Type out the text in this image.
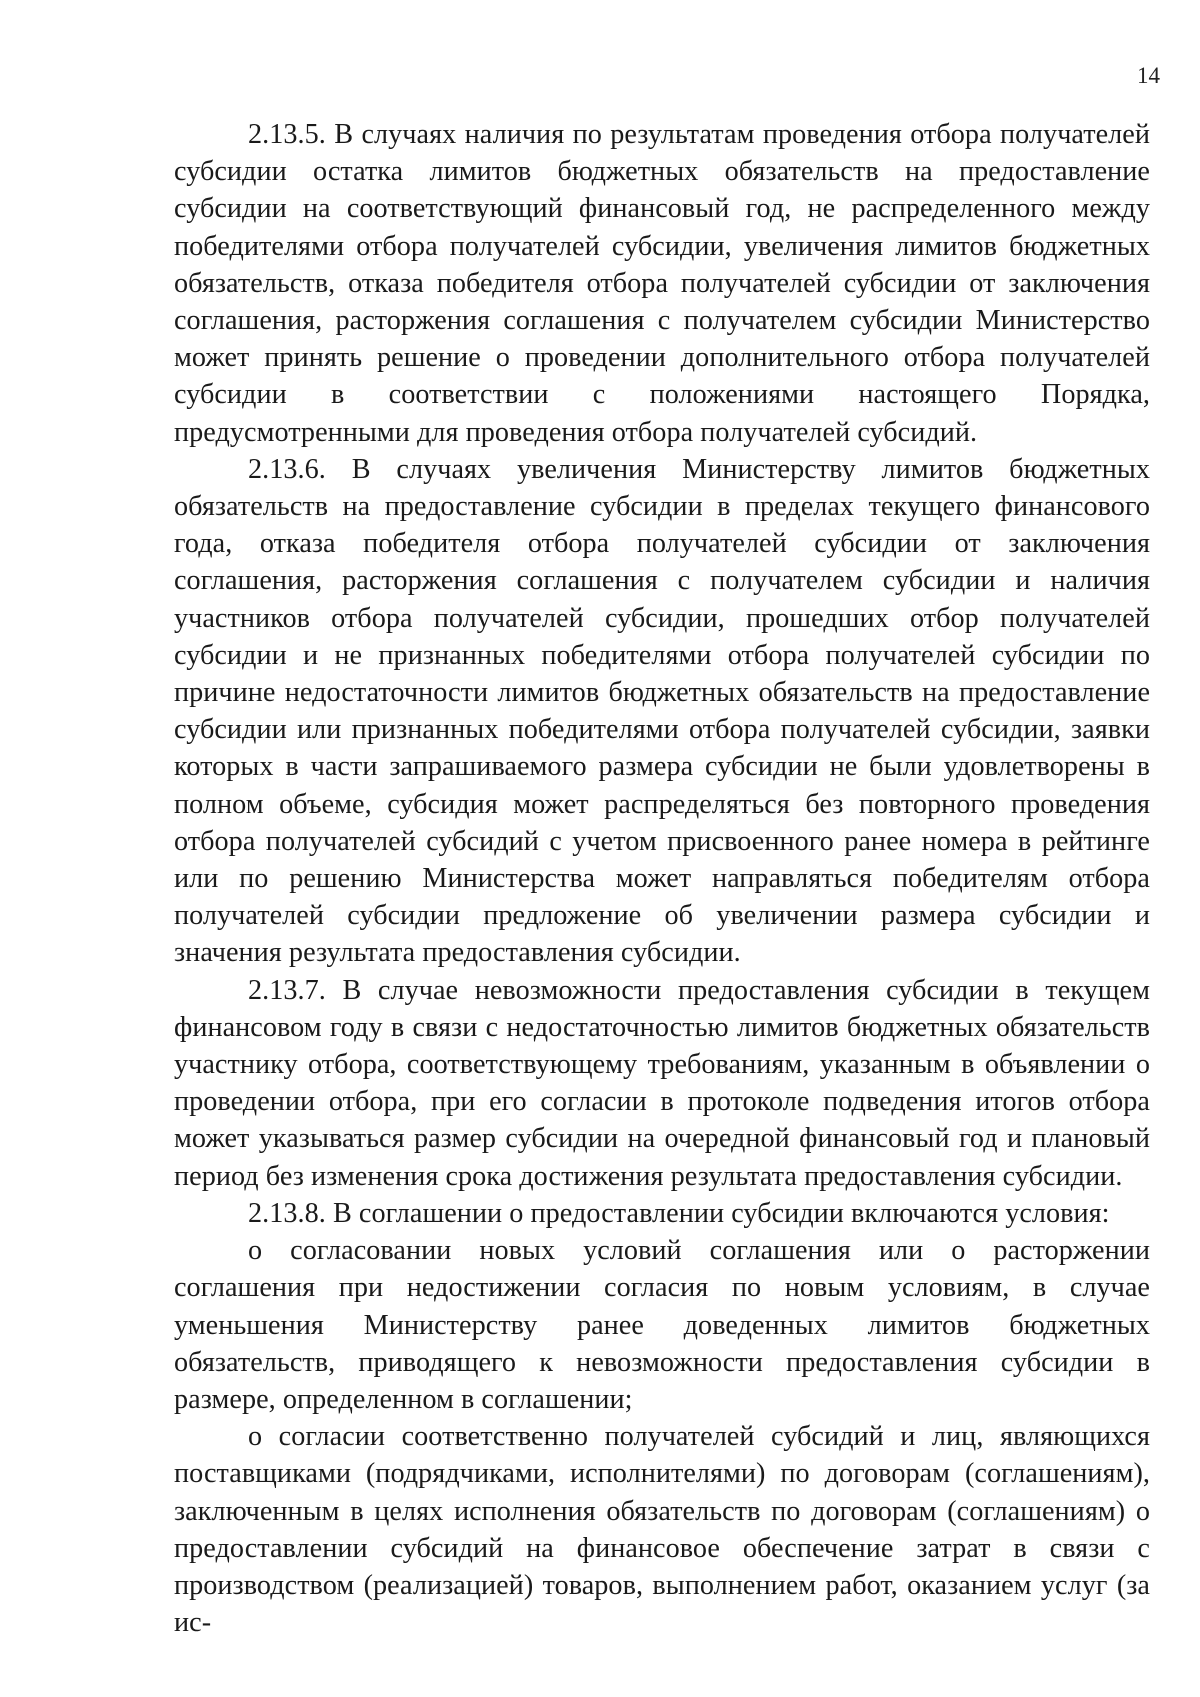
14

2.13.5. В случаях наличия по результатам проведения отбора получателей субсидии остатка лимитов бюджетных обязательств на предоставление субсидии на соответствующий финансовый год, не распределенного между победителями отбора получателей субсидии, увеличения лимитов бюджетных обязательств, отказа победителя отбора получателей субсидии от заключения соглашения, расторжения соглашения с получателем субсидии Министерство может принять решение о проведении дополнительного отбора получателей субсидии в соответствии с положениями настоящего Порядка, предусмотренными для проведения отбора получателей субсидий.

2.13.6. В случаях увеличения Министерству лимитов бюджетных обязательств на предоставление субсидии в пределах текущего финансового года, отказа победителя отбора получателей субсидии от заключения соглашения, расторжения соглашения с получателем субсидии и наличия участников отбора получателей субсидии, прошедших отбор получателей субсидии и не признанных победителями отбора получателей субсидии по причине недостаточности лимитов бюджетных обязательств на предоставление субсидии или признанных победителями отбора получателей субсидии, заявки которых в части запрашиваемого размера субсидии не были удовлетворены в полном объеме, субсидия может распределяться без повторного проведения отбора получателей субсидий с учетом присвоенного ранее номера в рейтинге или по решению Министерства может направляться победителям отбора получателей субсидии предложение об увеличении размера субсидии и значения результата предоставления субсидии.

2.13.7. В случае невозможности предоставления субсидии в текущем финансовом году в связи с недостаточностью лимитов бюджетных обязательств участнику отбора, соответствующему требованиям, указанным в объявлении о проведении отбора, при его согласии в протоколе подведения итогов отбора может указываться размер субсидии на очередной финансовый год и плановый период без изменения срока достижения результата предоставления субсидии.

2.13.8. В соглашении о предоставлении субсидии включаются условия:

о согласовании новых условий соглашения или о расторжении соглашения при недостижении согласия по новым условиям, в случае уменьшения Министерству ранее доведенных лимитов бюджетных обязательств, приводящего к невозможности предоставления субсидии в размере, определенном в соглашении;

о согласии соответственно получателей субсидий и лиц, являющихся поставщиками (подрядчиками, исполнителями) по договорам (соглашениям), заключенным в целях исполнения обязательств по договорам (соглашениям) о предоставлении субсидий на финансовое обеспечение затрат в связи с производством (реализацией) товаров, выполнением работ, оказанием услуг (за ис-
